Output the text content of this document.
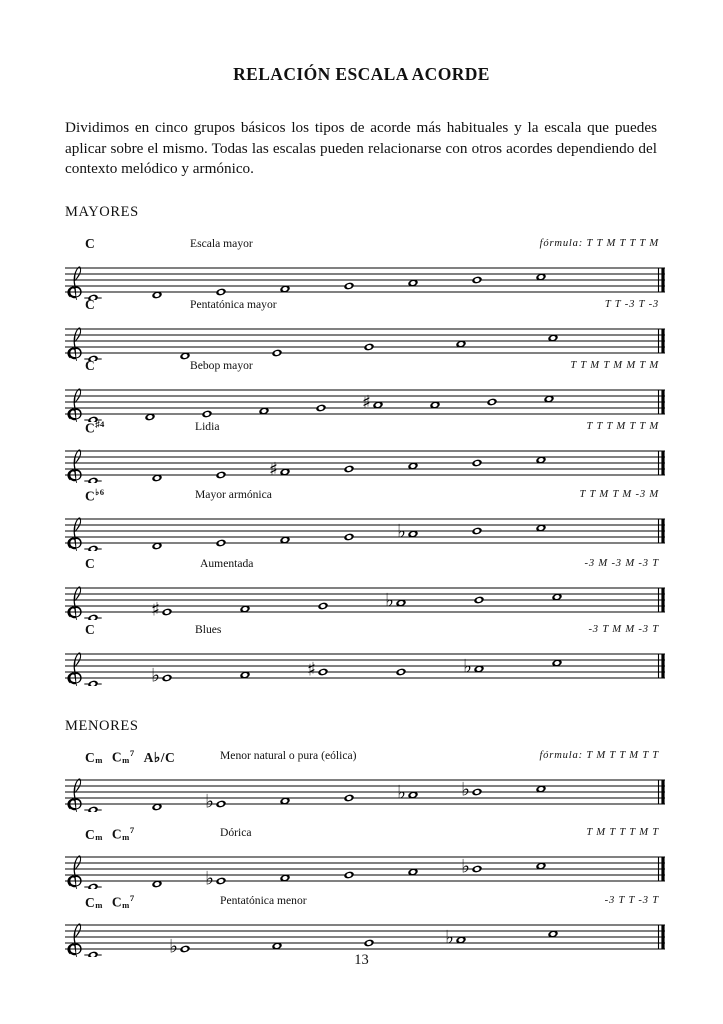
RELACIÓN ESCALA ACORDE

Dividimos en cinco grupos básicos los tipos de acorde más habituales y la escala que puedes aplicar sobre el mismo. Todas las escalas pueden relacionarse con otros acordes dependiendo del contexto melódico y armónico.

MAYORES
C	Escala mayor	fórmula: T T M T T T M
C	Pentatónica mayor	T T -3 T -3
C	Bebop mayor	T T M T M M T M
♯
$C^{♯4}$	Lidia	T T T M T T M
♯
$C^{♭6}$	Mayor armónica	T T M T M -3 M
♭
C	Aumentada	-3 M -3 M -3 T
♯	♭
C	Blues	-3 T M M -3 T
♭	♯	♭
MENORES
$C_m$ $C_m^7$ A♭/C	Menor natural o pura (eólica)	fórmula: T M T T M T T
♭	♭	♭
$C_m$ $C_m^7$	Dórica	T M T T T M T
♭
♭
$C_m$ $C_m^7$	Pentatónica menor	-3 T T -3 T
♭	♭
13
